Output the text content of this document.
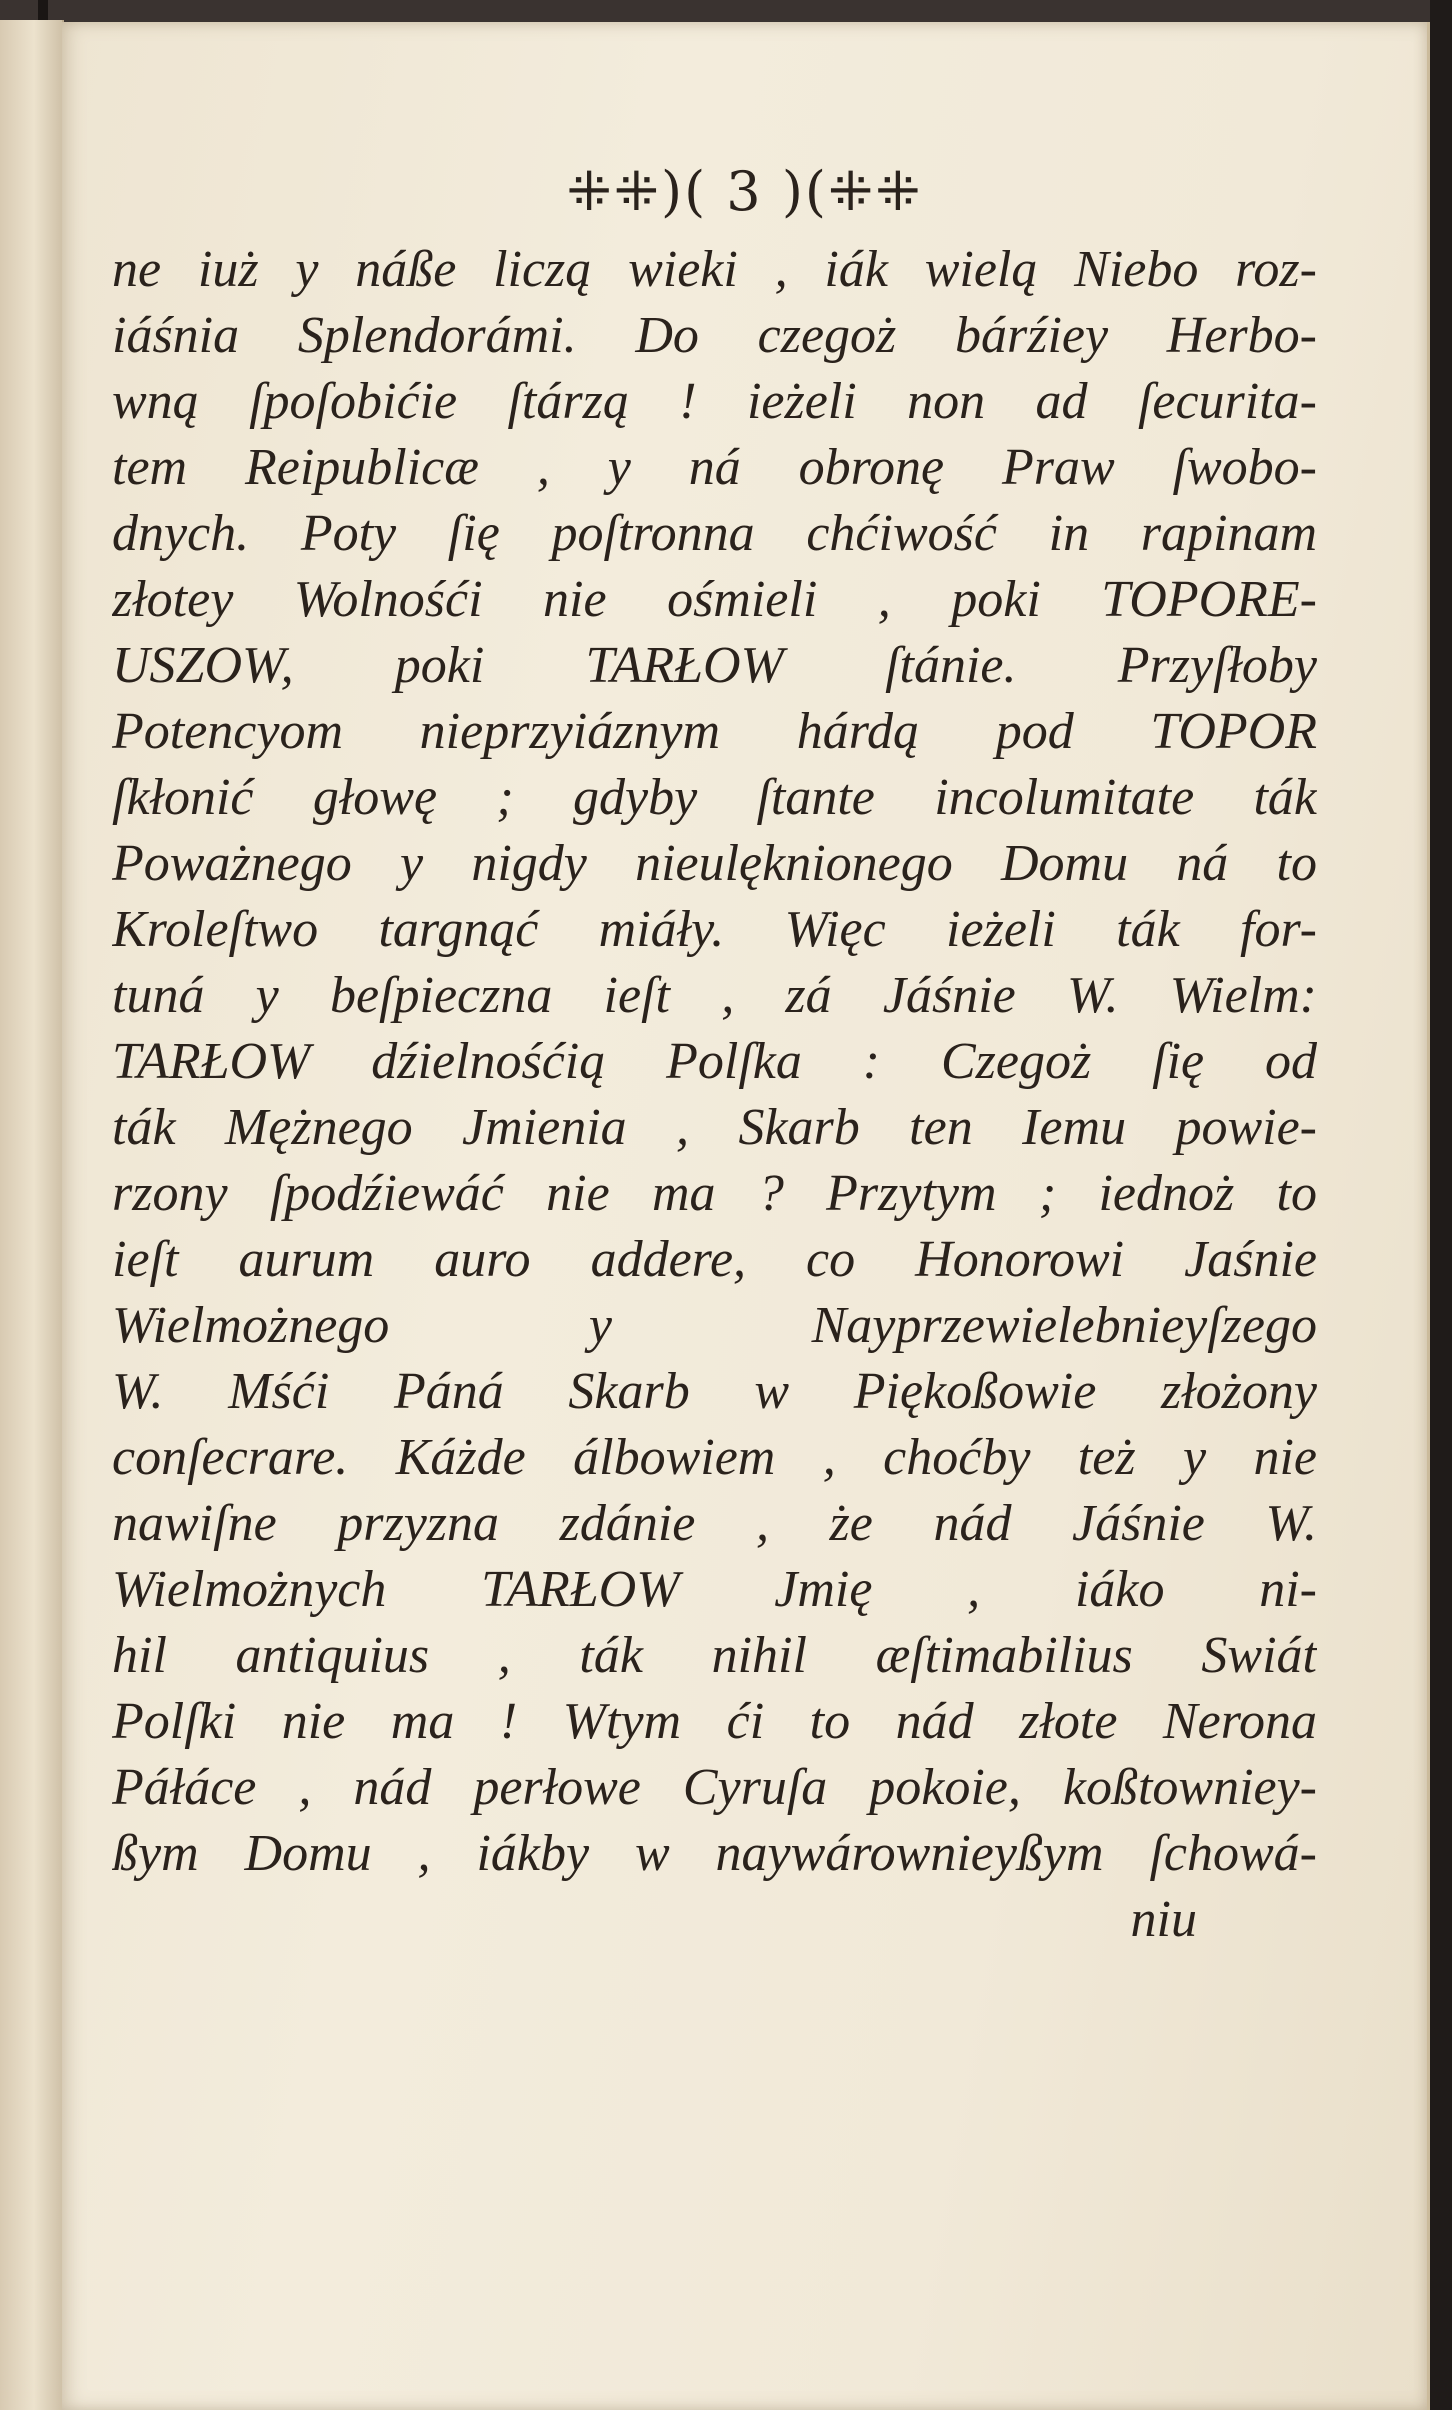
⁜⁜)( 3 )(⁜⁜
ne iuż y náße liczą wieki , iák wielą Niebo roz-
iáśnia Splendorámi. Do czegoż bárźiey Herbo-
wną ſpoſobićie ſtárzą ! ieżeli non ad ſecurita-
tem Reipublicæ , y ná obronę Praw ſwobo-
dnych. Poty ſię poſtronna chćiwość in rapinam
złotey Wolnośći nie ośmieli , poki TOPORE-
USZOW, poki TARŁOW ſtánie. Przyſłoby
Potencyom nieprzyiáznym hárdą pod TOPOR
ſkłonić głowę ; gdyby ſtante incolumitate ták
Poważnego y nigdy nieulęknionego Domu ná to
Kroleſtwo targnąć miáły. Więc ieżeli ták for-
tuná y beſpieczna ieſt , zá Jáśnie W. Wielm:
TARŁOW dźielnośćią Polſka : Czegoż ſię od
ták Mężnego Jmienia , Skarb ten Iemu powie-
rzony ſpodźiewáć nie ma ? Przytym ; iednoż to
ieſt aurum auro addere, co Honorowi Jaśnie
Wielmożnego y Nayprzewielebnieyſzego
W. Mśći Páná Skarb w Piękoßowie złożony
conſecrare. Káżde álbowiem , choćby też y nie
nawiſne przyzna zdánie , że nád Jáśnie W.
Wielmożnych TARŁOW Jmię , iáko ni-
hil antiquius , ták nihil æſtimabilius Swiát
Polſki nie ma ! Wtym ći to nád złote Nerona
Páłáce , nád perłowe Cyruſa pokoie, koßtowniey-
ßym Domu , iákby w naywárownieyßym ſchowá-
niu
